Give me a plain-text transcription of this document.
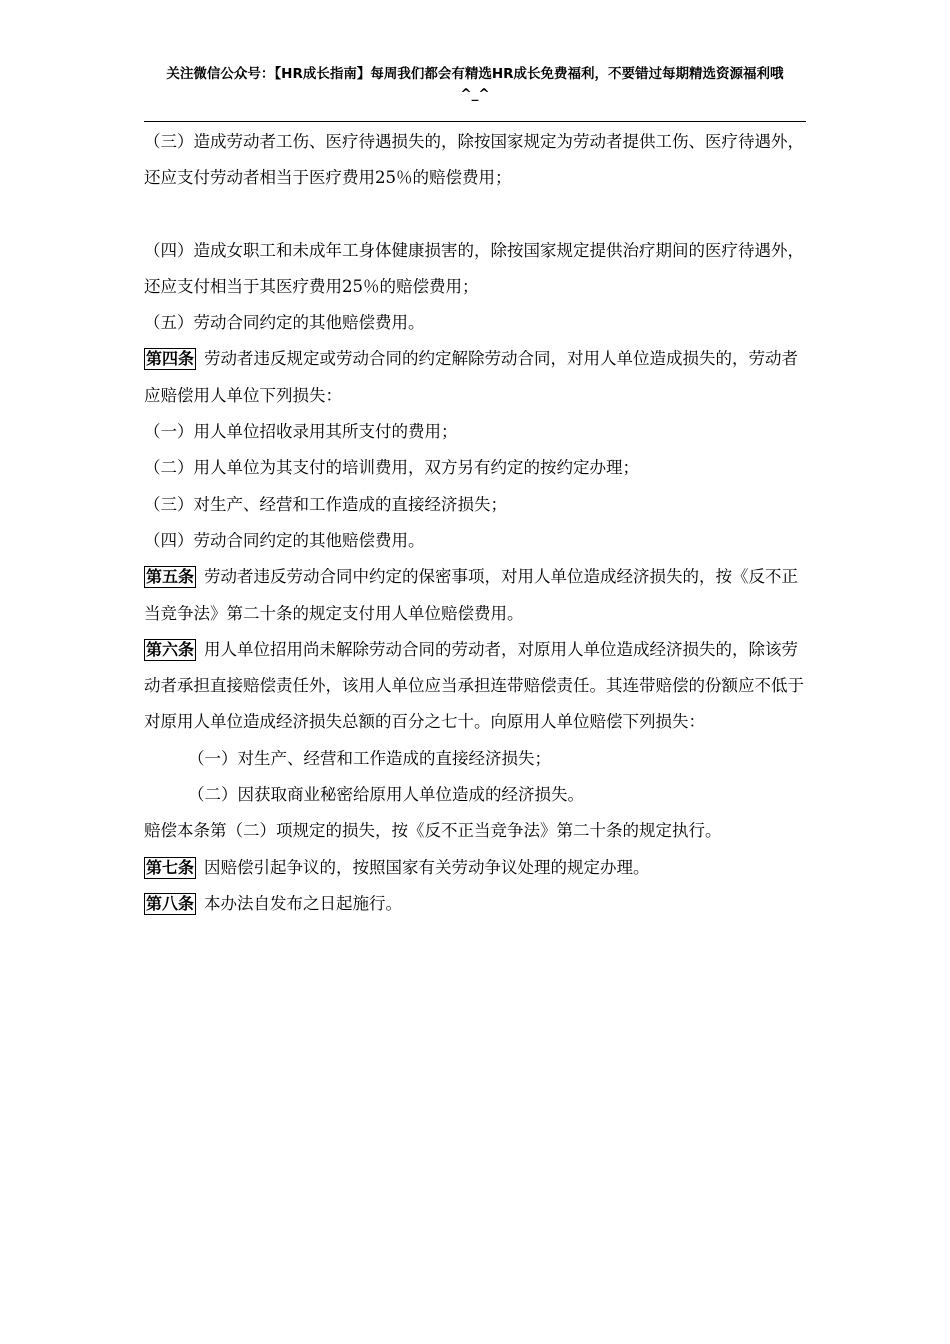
关注微信公众号：【HR成长指南】每周我们都会有精选HR成长免费福利，不要错过每期精选资源福利哦
^_^

（三）造成劳动者工伤、医疗待遇损失的，除按国家规定为劳动者提供工伤、医疗待遇外，还应支付劳动者相当于医疗费用25％的赔偿费用；

（四）造成女职工和未成年工身体健康损害的，除按国家规定提供治疗期间的医疗待遇外，还应支付相当于其医疗费用25％的赔偿费用；

（五）劳动合同约定的其他赔偿费用。

第四条 劳动者违反规定或劳动合同的约定解除劳动合同，对用人单位造成损失的，劳动者应赔偿用人单位下列损失：

（一）用人单位招收录用其所支付的费用；

（二）用人单位为其支付的培训费用，双方另有约定的按约定办理；

（三）对生产、经营和工作造成的直接经济损失；

（四）劳动合同约定的其他赔偿费用。

第五条 劳动者违反劳动合同中约定的保密事项，对用人单位造成经济损失的，按《反不正当竞争法》第二十条的规定支付用人单位赔偿费用。

第六条 用人单位招用尚未解除劳动合同的劳动者，对原用人单位造成经济损失的，除该劳动者承担直接赔偿责任外，该用人单位应当承担连带赔偿责任。其连带赔偿的份额应不低于对原用人单位造成经济损失总额的百分之七十。向原用人单位赔偿下列损失：

（一）对生产、经营和工作造成的直接经济损失；

（二）因获取商业秘密给原用人单位造成的经济损失。

赔偿本条第（二）项规定的损失，按《反不正当竞争法》第二十条的规定执行。

第七条 因赔偿引起争议的，按照国家有关劳动争议处理的规定办理。

第八条 本办法自发布之日起施行。
